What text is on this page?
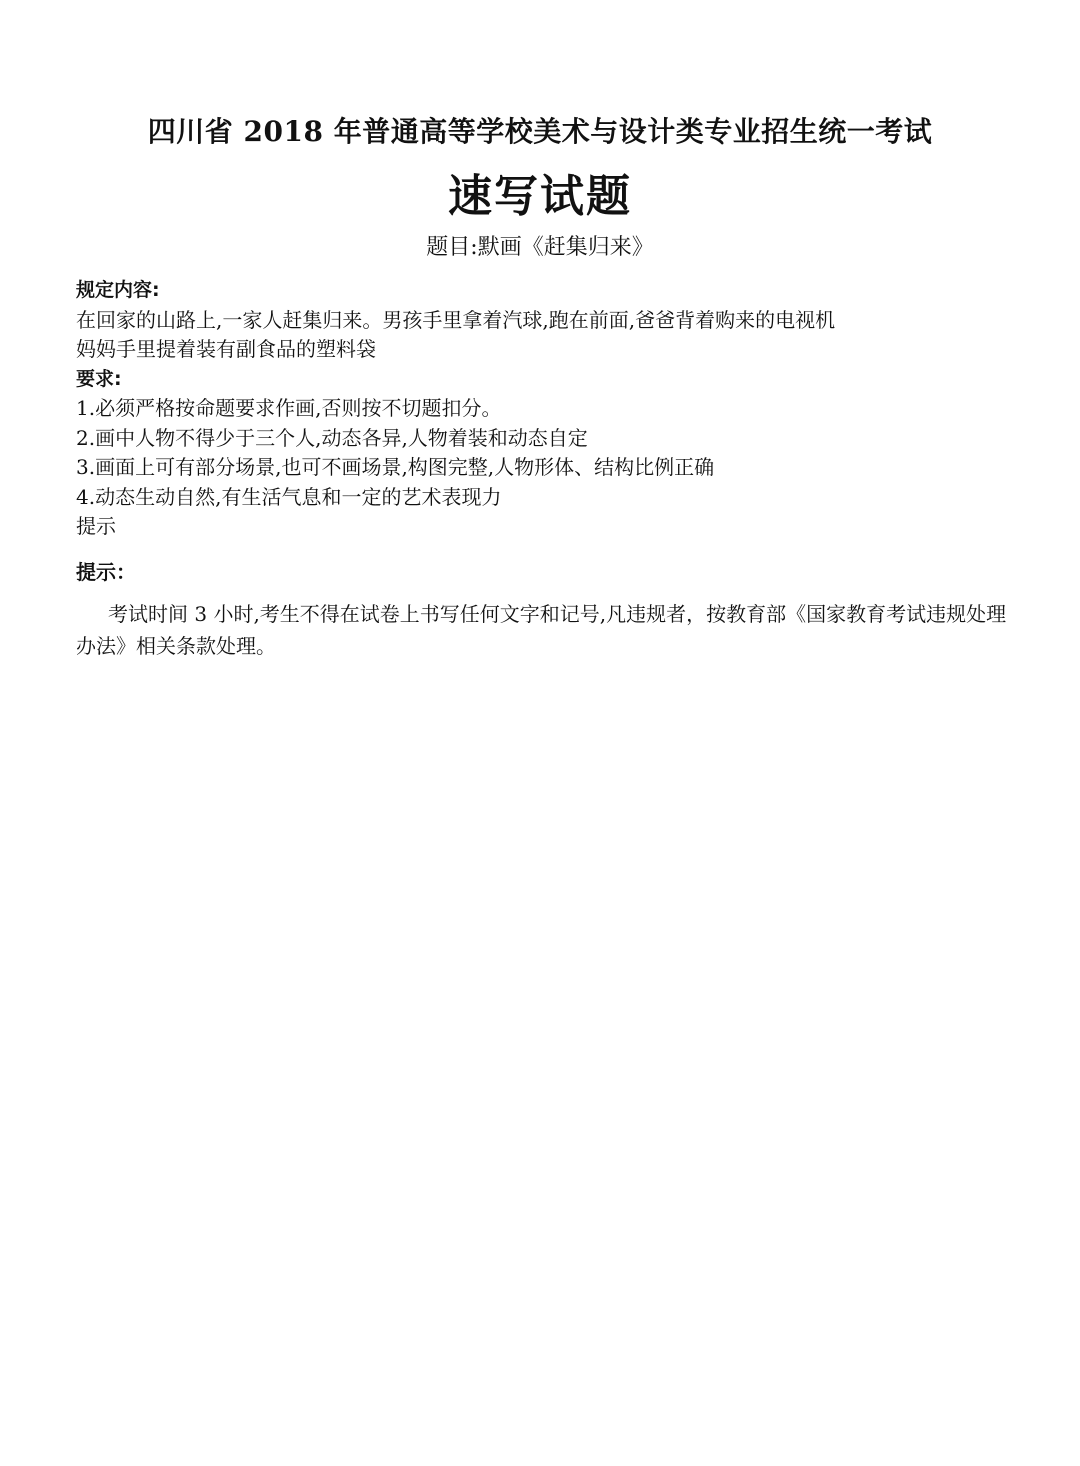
四川省 2018 年普通高等学校美术与设计类专业招生统一考试
速写试题
题目:默画《赶集归来》
规定内容:
在回家的山路上,一家人赶集归来。男孩手里拿着汽球,跑在前面,爸爸背着购来的电视机
妈妈手里提着装有副食品的塑料袋
要求:
1.必须严格按命题要求作画,否则按不切题扣分。
2.画中人物不得少于三个人,动态各异,人物着装和动态自定
3.画面上可有部分场景,也可不画场景,构图完整,人物形体、结构比例正确
4.动态生动自然,有生活气息和一定的艺术表现力
提示
提示：
考试时间 3 小时,考生不得在试卷上书写任何文字和记号,凡违规者，按教育部《国家教育考试违规处理办法》相关条款处理。
